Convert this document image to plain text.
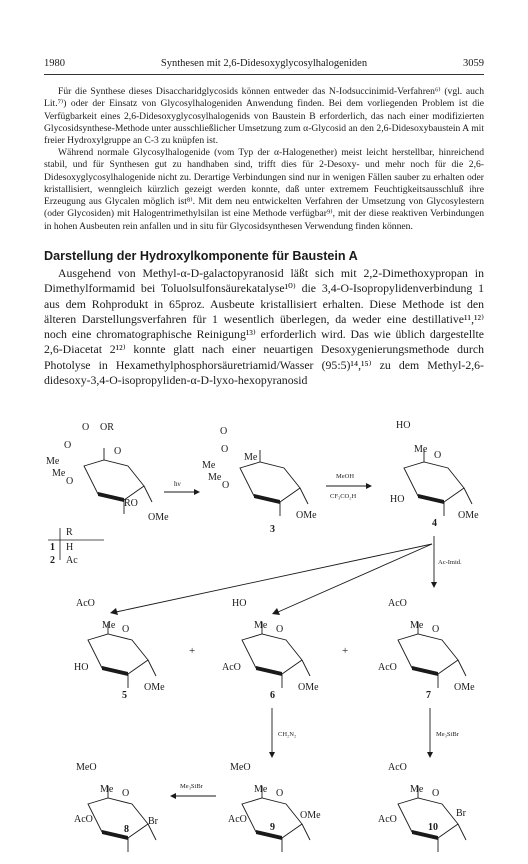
1980	Synthesen mit 2,6-Didesoxyglycosylhalogeniden	3059

Für die Synthese dieses Disaccharidglycosids können entweder das N-Iodsuccinimid-Verfahren⁶⁾ (vgl. auch Lit.⁷⁾) oder der Einsatz von Glycosylhalogeniden Anwendung finden. Bei dem vorliegenden Problem ist die Verfügbarkeit eines 2,6-Didesoxyglycosylhalogenids von Baustein B erforderlich, das nach einer modifizierten Glycosidsynthese-Methode unter ausschließlicher Umsetzung zum α-Glycosid an den 2,6-Didesoxybaustein A mit freier Hydroxylgruppe an C-3 zu knüpfen ist.

Während normale Glycosylhalogenide (vom Typ der α-Halogenether) meist leicht herstellbar, hinreichend stabil, und für Synthesen gut zu handhaben sind, trifft dies für 2-Desoxy- und mehr noch für die 2,6-Didesoxyglycosylhalogenide nicht zu. Derartige Verbindungen sind nur in wenigen Fällen sauber zu erhalten oder kristallisiert, wenngleich kürzlich gezeigt werden konnte, daß unter extremem Feuchtigkeitsausschluß ihre Erzeugung aus Glycalen möglich ist⁸⁾. Mit dem neu entwickelten Verfahren der Umsetzung von Glycosylestern (oder Glycosiden) mit Halogentrimethylsilan ist eine Methode verfügbar⁹⁾, mit der diese reaktiven Verbindungen in hohen Ausbeuten rein anfallen und in situ für Glycosidsynthesen Verwendung finden können.

Darstellung der Hydroxylkomponente für Baustein A

Ausgehend von Methyl-α-D-galactopyranosid läßt sich mit 2,2-Dimethoxypropan in Dimethylformamid bei Toluolsulfonsäurekatalyse¹⁰⁾ die 3,4-O-Isopropylidenverbindung 1 aus dem Rohprodukt in 65proz. Ausbeute kristallisiert erhalten. Diese Methode ist den älteren Darstellungsverfahren für 1 wesentlich überlegen, da weder eine destillative¹¹,¹²⁾ noch eine chromatographische Reinigung¹³⁾ erforderlich wird. Das wie üblich dargestellte 2,6-Diacetat 2¹²⁾ konnte glatt nach einer neuartigen Desoxygenierungsmethode durch Photolyse in Hexamethylphosphorsäuretriamid/Wasser (95:5)¹⁴,¹⁵⁾ zu dem Methyl-2,6-didesoxy-3,4-O-isopropyliden-α-D-lyxo-hexopyranosid

O OR
Me
Me
O
O
O
RO
OMe
R
1 H
2 Ac
hν
O
Me
Me
Me
O
O
OMe
3
MeOH
CF₃CO₂H
HO
Me
O
HO
OMe
4
Ac-Imid.
AcO
Me O
HO
OMe
5
+
HO
Me O
AcO
OMe
6
+
AcO
Me O
AcO
OMe
7
CH₂N₂	Me₃SiBr
MeO
Me O
AcO	Br
8
Me₃SiBr
MeO
Me O
AcO	OMe
9
AcO
Me O
AcO
Br
10
